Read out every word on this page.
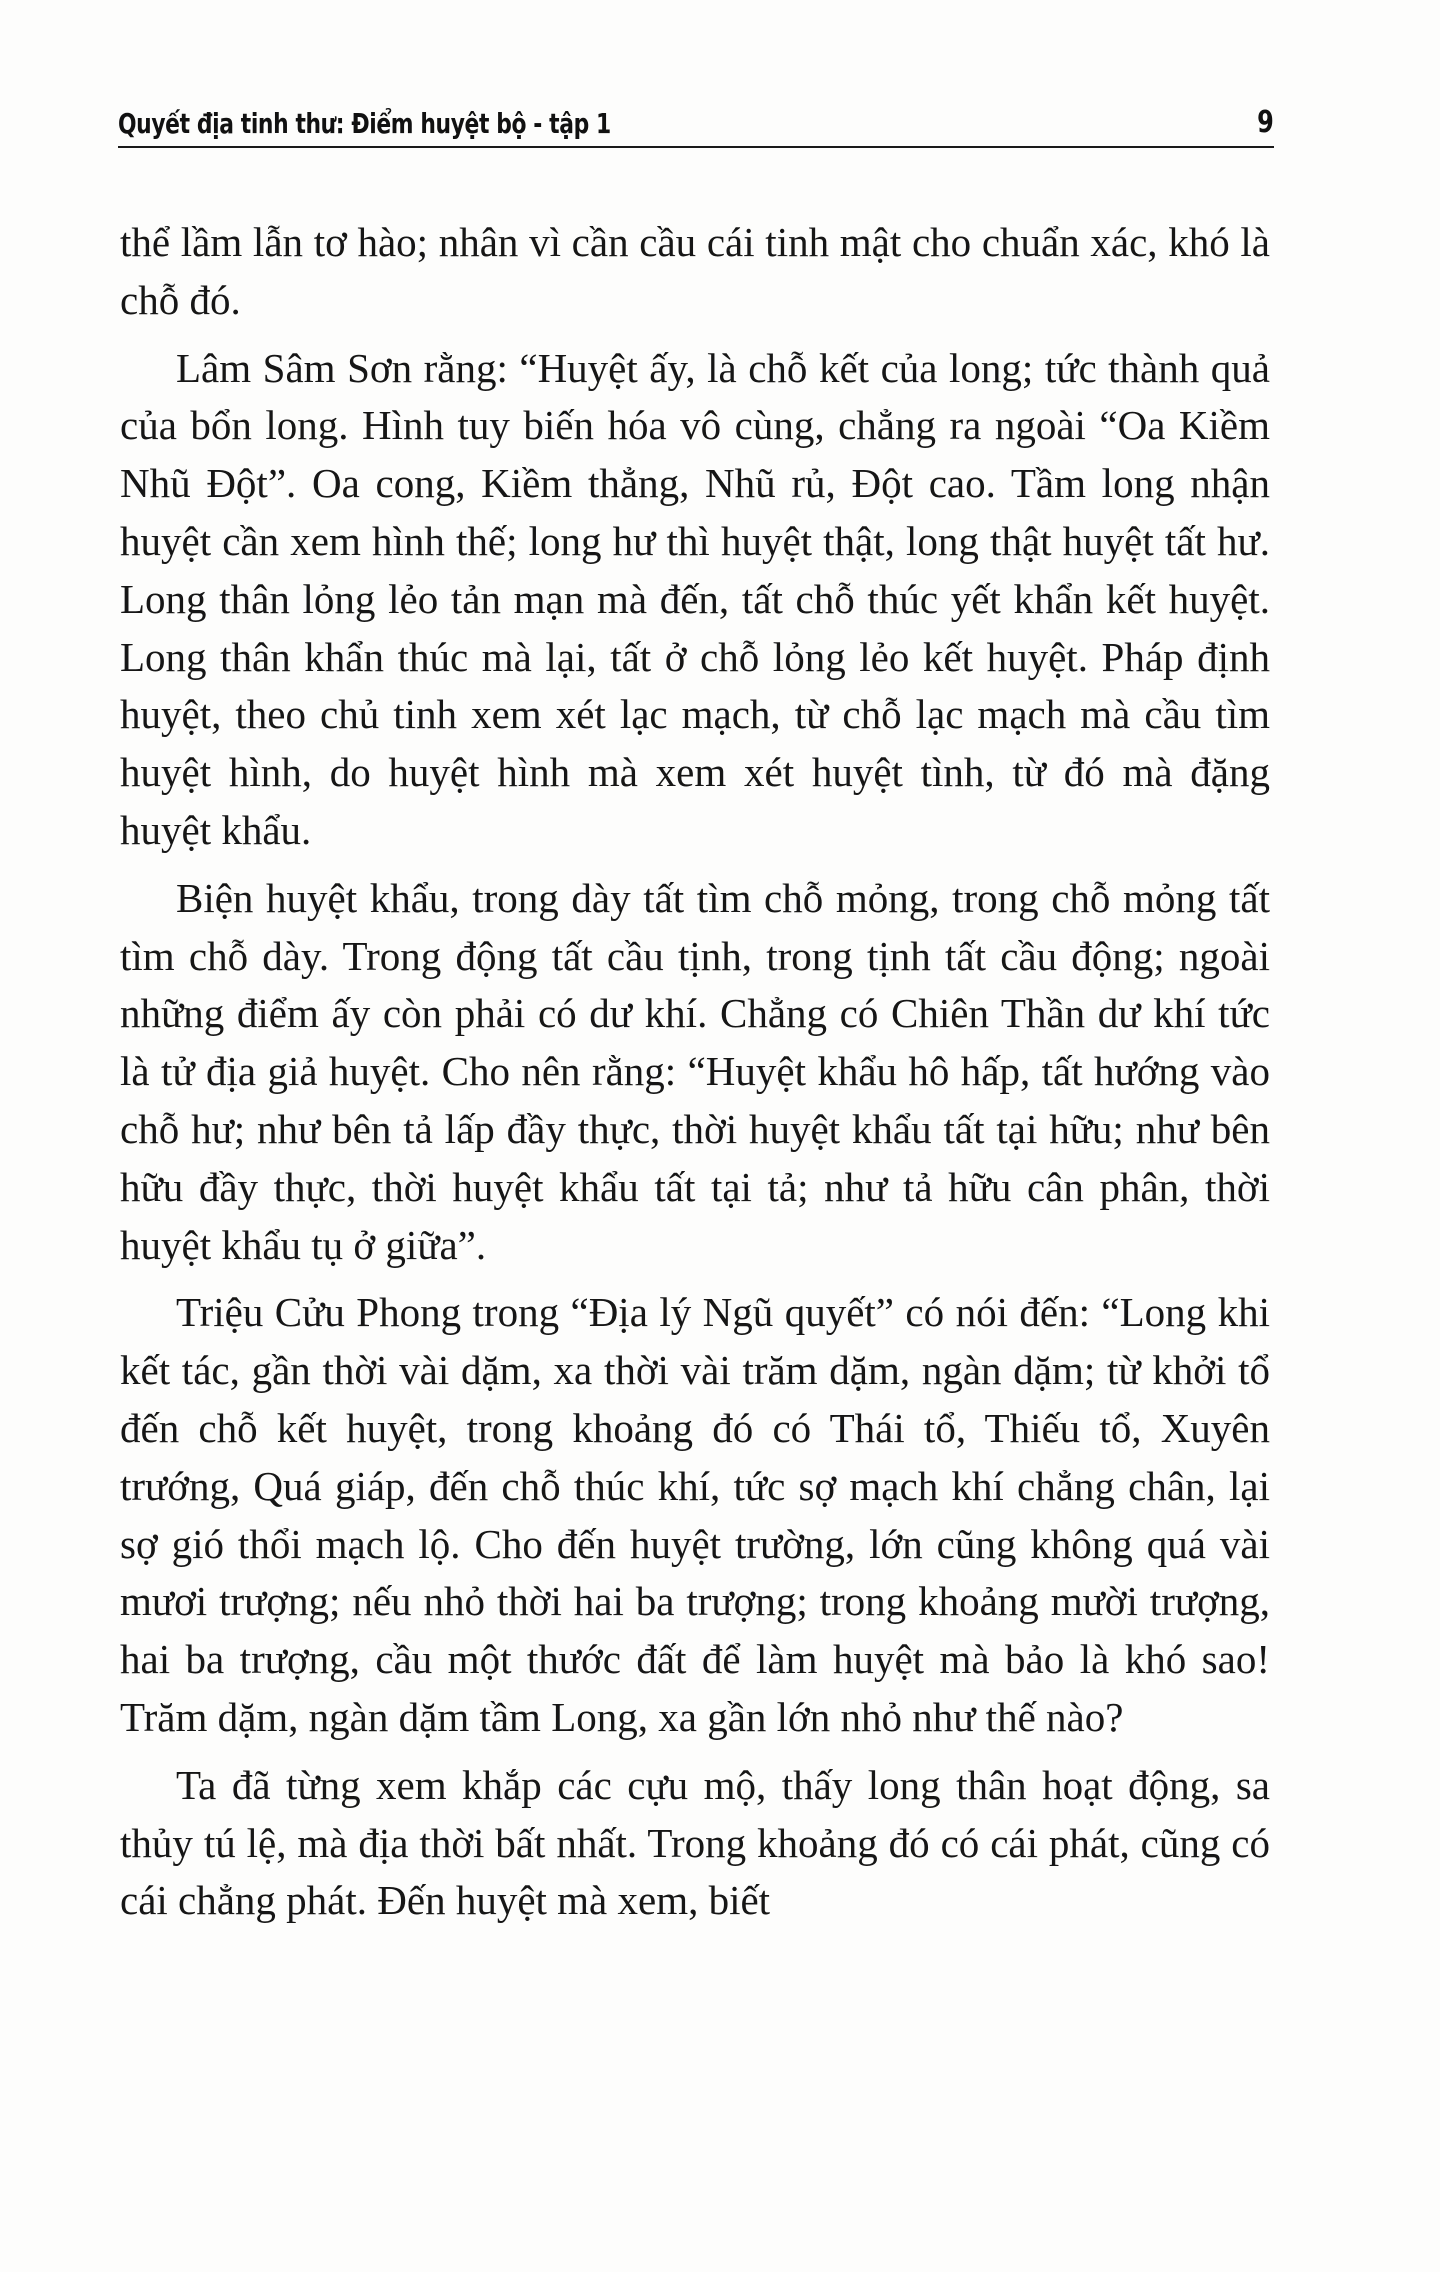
Quyết địa tinh thư: Điểm huyệt bộ - tập 1	9

thể lầm lẫn tơ hào; nhân vì cần cầu cái tinh mật cho chuẩn xác, khó là chỗ đó.

Lâm Sâm Sơn rằng: “Huyệt ấy, là chỗ kết của long; tức thành quả của bổn long. Hình tuy biến hóa vô cùng, chẳng ra ngoài “Oa Kiềm Nhũ Đột”. Oa cong, Kiềm thẳng, Nhũ rủ, Đột cao. Tầm long nhận huyệt cần xem hình thế; long hư thì huyệt thật, long thật huyệt tất hư. Long thân lỏng lẻo tản mạn mà đến, tất chỗ thúc yết khẩn kết huyệt. Long thân khẩn thúc mà lại, tất ở chỗ lỏng lẻo kết huyệt. Pháp định huyệt, theo chủ tinh xem xét lạc mạch, từ chỗ lạc mạch mà cầu tìm huyệt hình, do huyệt hình mà xem xét huyệt tình, từ đó mà đặng huyệt khẩu.

Biện huyệt khẩu, trong dày tất tìm chỗ mỏng, trong chỗ mỏng tất tìm chỗ dày. Trong động tất cầu tịnh, trong tịnh tất cầu động; ngoài những điểm ấy còn phải có dư khí. Chẳng có Chiên Thần dư khí tức là tử địa giả huyệt. Cho nên rằng: “Huyệt khẩu hô hấp, tất hướng vào chỗ hư; như bên tả lấp đầy thực, thời huyệt khẩu tất tại hữu; như bên hữu đầy thực, thời huyệt khẩu tất tại tả; như tả hữu cân phân, thời huyệt khẩu tụ ở giữa”.

Triệu Cửu Phong trong “Địa lý Ngũ quyết” có nói đến: “Long khi kết tác, gần thời vài dặm, xa thời vài trăm dặm, ngàn dặm; từ khởi tổ đến chỗ kết huyệt, trong khoảng đó có Thái tổ, Thiếu tổ, Xuyên trướng, Quá giáp, đến chỗ thúc khí, tức sợ mạch khí chẳng chân, lại sợ gió thổi mạch lộ. Cho đến huyệt trường, lớn cũng không quá vài mươi trượng; nếu nhỏ thời hai ba trượng; trong khoảng mười trượng, hai ba trượng, cầu một thước đất để làm huyệt mà bảo là khó sao! Trăm dặm, ngàn dặm tầm Long, xa gần lớn nhỏ như thế nào?

Ta đã từng xem khắp các cựu mộ, thấy long thân hoạt động, sa thủy tú lệ, mà địa thời bất nhất. Trong khoảng đó có cái phát, cũng có cái chẳng phát. Đến huyệt mà xem, biết
